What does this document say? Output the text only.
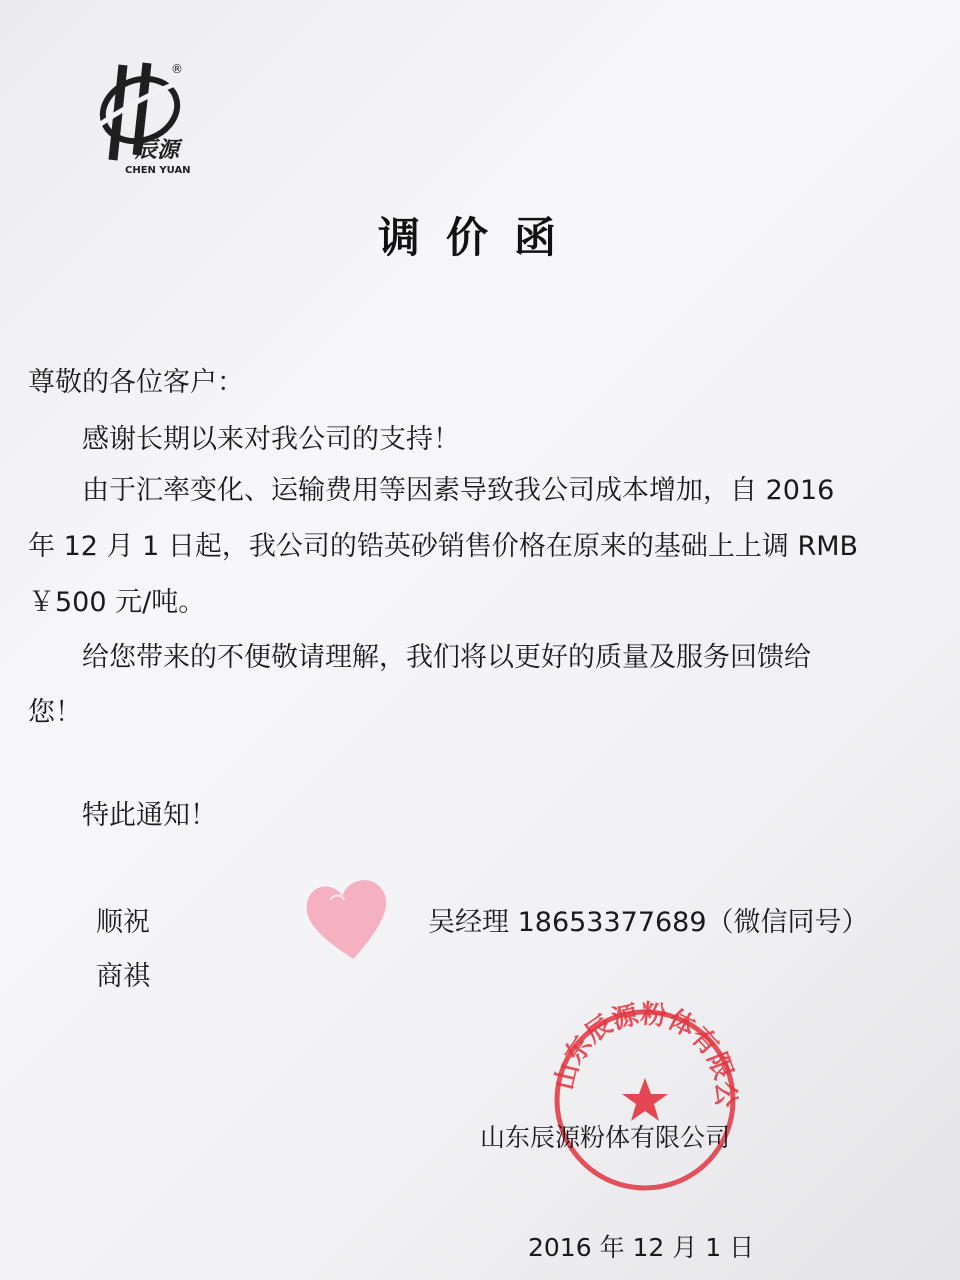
®
辰源
CHEN YUAN
调价函
尊敬的各位客户：
感谢长期以来对我公司的支持！
由于汇率变化、运输费用等因素导致我公司成本增加，自 2016
年 12 月 1 日起，我公司的锆英砂销售价格在原来的基础上上调 RMB
￥500 元/吨。
给您带来的不便敬请理解，我们将以更好的质量及服务回馈给
您！
特此通知！
顺祝
商祺
吴经理 18653377689（微信同号）
山东辰源粉体有限公
山东辰源粉体有限公司
2016 年 12 月 1 日
